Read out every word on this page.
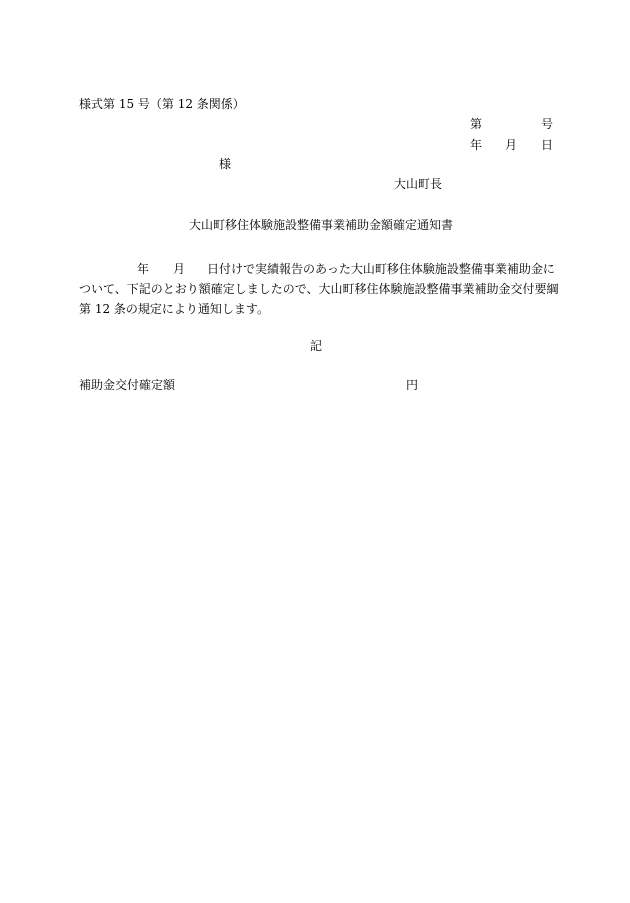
様式第 15 号（第 12 条関係）
第	号
年 月 日
様
大山町長
大山町移住体験施設整備事業補助金額確定通知書
年 月 日付けで実績報告のあった大山町移住体験施設整備事業補助金に
ついて、下記のとおり額確定しましたので、大山町移住体験施設整備事業補助金交付要綱
第 12 条の規定により通知します。
記
補助金交付確定額	円
